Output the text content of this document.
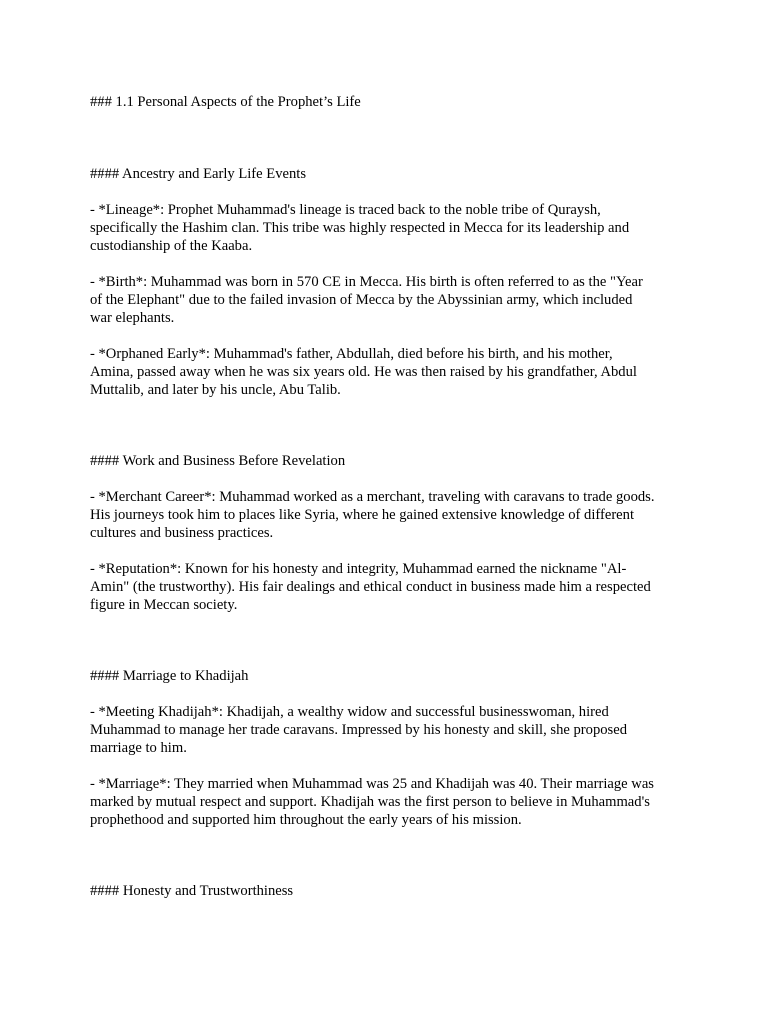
### 1.1 Personal Aspects of the Prophet’s Life
#### Ancestry and Early Life Events
- *Lineage*: Prophet Muhammad's lineage is traced back to the noble tribe of Quraysh,
specifically the Hashim clan. This tribe was highly respected in Mecca for its leadership and
custodianship of the Kaaba.
- *Birth*: Muhammad was born in 570 CE in Mecca. His birth is often referred to as the "Year
of the Elephant" due to the failed invasion of Mecca by the Abyssinian army, which included
war elephants.
- *Orphaned Early*: Muhammad's father, Abdullah, died before his birth, and his mother,
Amina, passed away when he was six years old. He was then raised by his grandfather, Abdul
Muttalib, and later by his uncle, Abu Talib.
#### Work and Business Before Revelation
- *Merchant Career*: Muhammad worked as a merchant, traveling with caravans to trade goods.
His journeys took him to places like Syria, where he gained extensive knowledge of different
cultures and business practices.
- *Reputation*: Known for his honesty and integrity, Muhammad earned the nickname "Al-
Amin" (the trustworthy). His fair dealings and ethical conduct in business made him a respected
figure in Meccan society.
#### Marriage to Khadijah
- *Meeting Khadijah*: Khadijah, a wealthy widow and successful businesswoman, hired
Muhammad to manage her trade caravans. Impressed by his honesty and skill, she proposed
marriage to him.
- *Marriage*: They married when Muhammad was 25 and Khadijah was 40. Their marriage was
marked by mutual respect and support. Khadijah was the first person to believe in Muhammad's
prophethood and supported him throughout the early years of his mission.
#### Honesty and Trustworthiness
